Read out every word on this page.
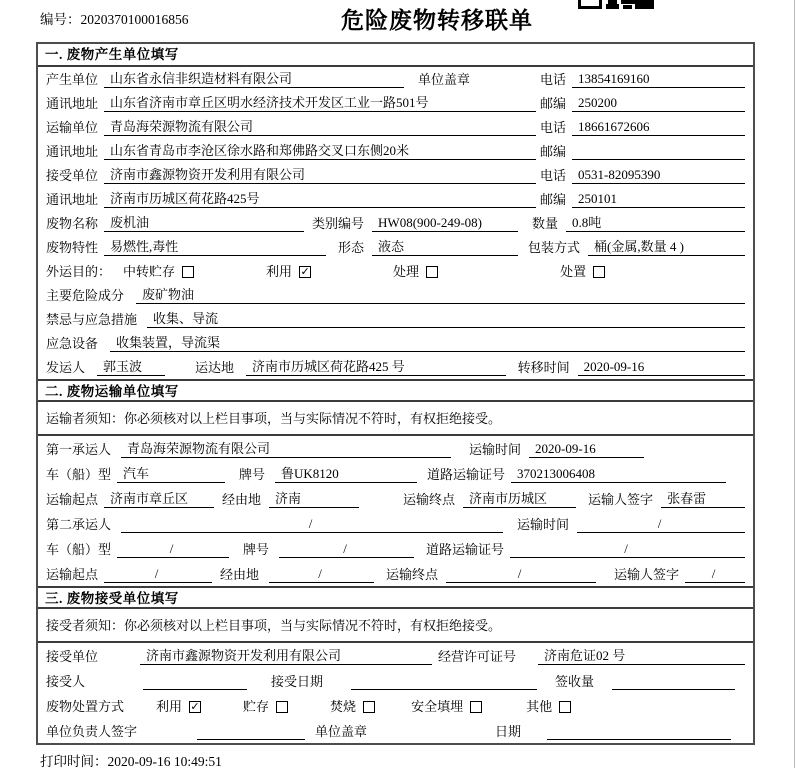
编号：2020370100016856	危险废物转移联单
一. 废物产生单位填写
产生单位 山东省永信非织造材料有限公司	单位盖章	电话 13854169160
通讯地址 山东省济南市章丘区明水经济技术开发区工业一路501号	邮编 250200
运输单位 青岛海荣源物流有限公司	电话 18661672606
通讯地址 山东省青岛市李沧区徐水路和郑佛路交叉口东侧20米	邮编
接受单位 济南市鑫源物资开发利用有限公司	电话 0531-82095390
通讯地址 济南市历城区荷花路425号	邮编 250101
废物名称 废机油	类别编号	HW08(900-249-08)	数量	0.8吨
废物特性 易燃性,毒性	形态	液态	包装方式	桶(金属,数量 4 )
外运目的： 中转贮存	利用 ✓	处理	处置
主要危险成分	废矿物油
禁忌与应急措施	收集、导流
应急设备	收集装置，导流渠
发运人	郭玉波	运达地	济南市历城区荷花路425 号	转移时间	2020-09-16
二. 废物运输单位填写
运输者须知：你必须核对以上栏目事项，当与实际情况不符时，有权拒绝接受。
第一承运人	青岛海荣源物流有限公司	运输时间	2020-09-16
车（船）型 汽车	牌号	鲁UK8120	道路运输证号 370213006408
运输起点 济南市章丘区	经由地	济南	运输终点	济南市历城区	运输人签字	张春雷
第二承运人	/	运输时间	/
车（船）型	/	牌号	/	道路运输证号	/
运输起点	/	经由地	/	运输终点	/	运输人签字	/
三. 废物接受单位填写
接受者须知：你必须核对以上栏目事项，当与实际情况不符时，有权拒绝接受。
接受单位	济南市鑫源物资开发利用有限公司	经营许可证号	济南危证02 号
接受人	接受日期	签收量
废物处置方式 利用 ✓	贮存	焚烧	安全填埋	其他
单位负责人签字	单位盖章	日期
打印时间：2020-09-16 10:49:51
